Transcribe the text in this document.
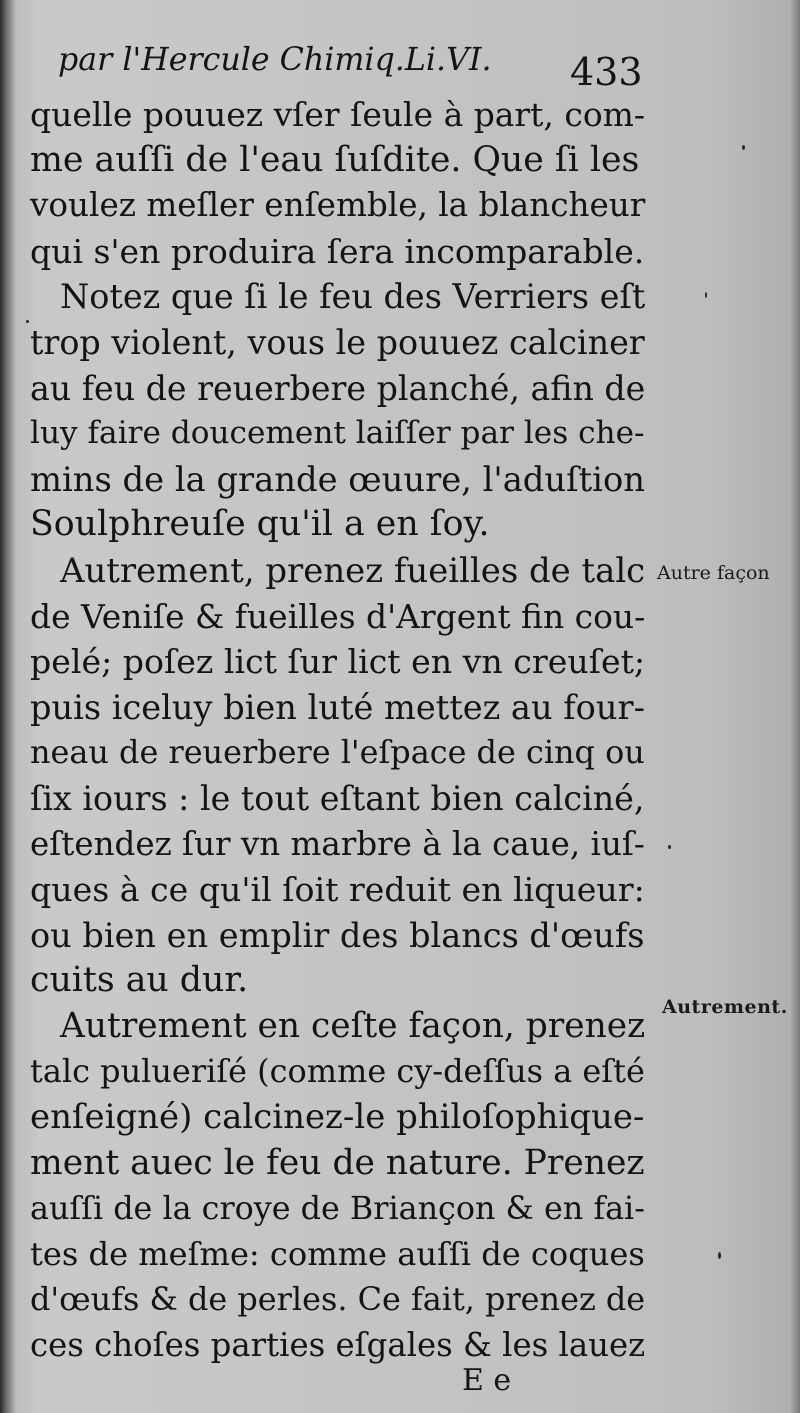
par l'Hercule Chimiq.Li.VI.	433
quelle pouuez vſer ſeule à part, com-
me auſſi de l'eau ſuſdite. Que ſi les
voulez meſler enſemble, la blancheur
qui s'en produira ſera incomparable.
Notez que ſi le feu des Verriers eſt
trop violent, vous le pouuez calciner
au feu de reuerbere planché, afin de
luy faire doucement laiſſer par les che-
mins de la grande œuure, l'aduſtion
Soulphreuſe qu'il a en ſoy.
Autrement, prenez fueilles de talc
de Veniſe & fueilles d'Argent fin cou-
pelé; poſez lict ſur lict en vn creuſet;
puis iceluy bien luté mettez au four-
neau de reuerbere l'eſpace de cinq ou
ſix iours : le tout eſtant bien calciné,
eſtendez ſur vn marbre à la caue, iuſ-
ques à ce qu'il ſoit reduit en liqueur:
ou bien en emplir des blancs d'œufs
cuits au dur.
Autrement en ceſte façon, prenez
talc pulueriſé (comme cy-deſſus a eſté
enſeigné) calcinez-le philoſophique-
ment auec le feu de nature. Prenez
auſſi de la croye de Briançon & en fai-
tes de meſme: comme auſſi de coques
d'œufs & de perles. Ce fait, prenez de
ces choſes parties eſgales & les lauez
Autre façon
Autrement.
E e
